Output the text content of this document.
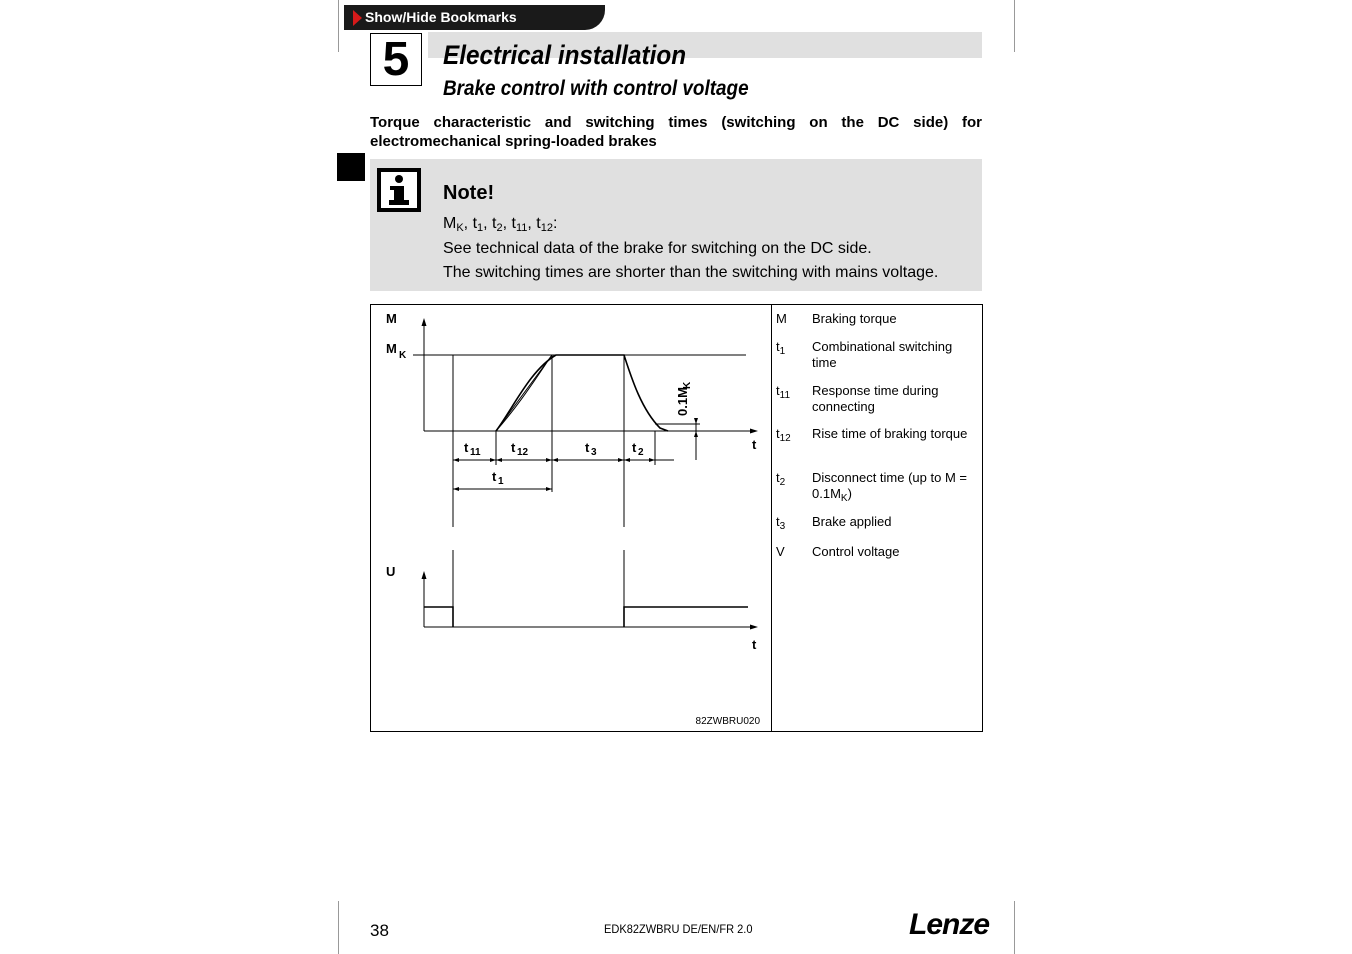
Show/Hide Bookmarks
5	Electrical installation
Brake control with control voltage
Torque characteristic and switching times (switching on the DC side) for electromechanical spring-loaded brakes
Note!
$M_K$, $t_1$, $t_2$, $t_{11}$, $t_{12}$:
See technical data of the brake for switching on the DC side.
The switching times are shorter than the switching with mains voltage.
M
M K
t
t 11 t 12	t 3	t 2
t 1
0.1M
K
U
t
82ZWBRU020
M Braking torque
$t_1$ Combinational switching time
$t_{11}$ Response time during connecting
$t_{12}$ Rise time of braking torque
$t_2$ Disconnect time (up to $M = 0.1M_K$)
$t_3$ Brake applied
V Control voltage
38	EDK82ZWBRU DE/EN/FR 2.0	Lenze
